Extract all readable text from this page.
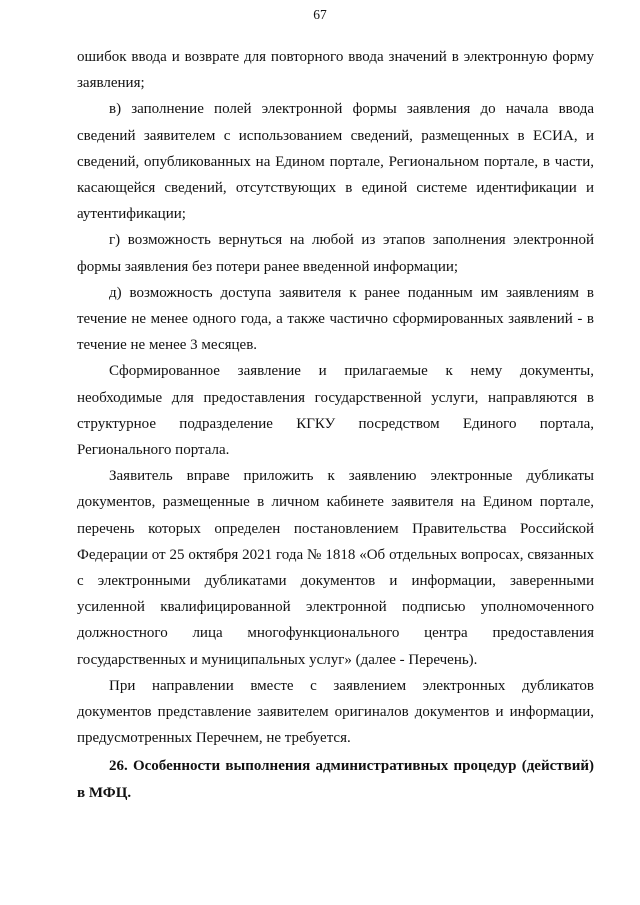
67

ошибок ввода и возврате для повторного ввода значений в электронную форму заявления;

в) заполнение полей электронной формы заявления до начала ввода сведений заявителем с использованием сведений, размещенных в ЕСИА, и сведений, опубликованных на Едином портале, Региональном портале, в части, касающейся сведений, отсутствующих в единой системе идентификации и аутентификации;

г) возможность вернуться на любой из этапов заполнения электронной формы заявления без потери ранее введенной информации;

д) возможность доступа заявителя к ранее поданным им заявлениям в течение не менее одного года, а также частично сформированных заявлений - в течение не менее 3 месяцев.

Сформированное заявление и прилагаемые к нему документы, необходимые для предоставления государственной услуги, направляются в структурное подразделение КГКУ посредством Единого портала, Регионального портала.

Заявитель вправе приложить к заявлению электронные дубликаты документов, размещенные в личном кабинете заявителя на Едином портале, перечень которых определен постановлением Правительства Российской Федерации от 25 октября 2021 года № 1818 «Об отдельных вопросах, связанных с электронными дубликатами документов и информации, заверенными усиленной квалифицированной электронной подписью уполномоченного должностного лица многофункционального центра предоставления государственных и муниципальных услуг» (далее - Перечень).

При направлении вместе с заявлением электронных дубликатов документов представление заявителем оригиналов документов и информации, предусмотренных Перечнем, не требуется.

26. Особенности выполнения административных процедур (действий) в МФЦ.
